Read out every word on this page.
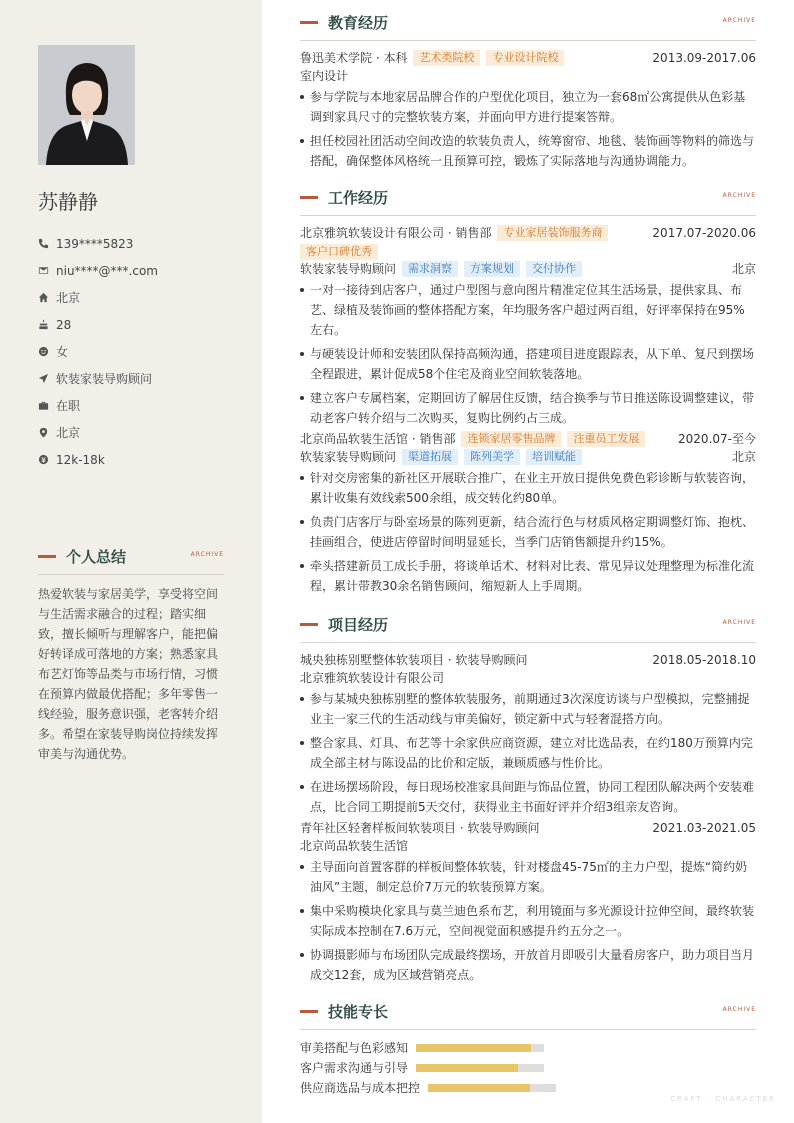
苏静静
139****5823
niu****@***.com
北京
28
女
软装家装导购顾问
在职
北京
12k-18k
个人总结	ARCHIVE
热爱软装与家居美学，享受将空间与生活需求融合的过程；踏实细致，擅长倾听与理解客户，能把偏好转译成可落地的方案；熟悉家具布艺灯饰等品类与市场行情，习惯在预算内做最优搭配；多年零售一线经验，服务意识强，老客转介绍多。希望在家装导购岗位持续发挥审美与沟通优势。
教育经历	ARCHIVE
鲁迅美术学院 · 本科	艺术类院校	专业设计院校	2013.09-2017.06
室内设计
参与学院与本地家居品牌合作的户型优化项目，独立为一套68㎡公寓提供从色彩基调到家具尺寸的完整软装方案，并面向甲方进行提案答辩。
担任校园社团活动空间改造的软装负责人，统筹窗帘、地毯、装饰画等物料的筛选与搭配，确保整体风格统一且预算可控，锻炼了实际落地与沟通协调能力。
工作经历	ARCHIVE
北京雅筑软装设计有限公司 · 销售部	专业家居装饰服务商
客户口碑优秀
2017.07-2020.06
软装家装导购顾问	需求洞察	方案规划	交付协作	北京
一对一接待到店客户，通过户型图与意向图片精准定位其生活场景，提供家具、布艺、绿植及装饰画的整体搭配方案，年均服务客户超过两百组，好评率保持在95%左右。
与硬装设计师和安装团队保持高频沟通，搭建项目进度跟踪表，从下单、复尺到摆场全程跟进，累计促成58个住宅及商业空间软装落地。
建立客户专属档案，定期回访了解居住反馈，结合换季与节日推送陈设调整建议，带动老客户转介绍与二次购买，复购比例约占三成。
北京尚品软装生活馆 · 销售部	连锁家居零售品牌	注重员工发展	2020.07-至今
软装家装导购顾问	渠道拓展	陈列美学	培训赋能	北京
针对交房密集的新社区开展联合推广，在业主开放日提供免费色彩诊断与软装咨询，累计收集有效线索500余组，成交转化约80单。
负责门店客厅与卧室场景的陈列更新，结合流行色与材质风格定期调整灯饰、抱枕、挂画组合，使进店停留时间明显延长，当季门店销售额提升约15%。
牵头搭建新员工成长手册，将谈单话术、材料对比表、常见异议处理整理为标准化流程，累计带教30余名销售顾问，缩短新人上手周期。
项目经历	ARCHIVE
城央独栋别墅整体软装项目 · 软装导购顾问	2018.05-2018.10
北京雅筑软装设计有限公司
参与某城央独栋别墅的整体软装服务，前期通过3次深度访谈与户型模拟，完整捕捉业主一家三代的生活动线与审美偏好，锁定新中式与轻奢混搭方向。
整合家具、灯具、布艺等十余家供应商资源，建立对比选品表，在约180万预算内完成全部主材与陈设品的比价和定版，兼顾质感与性价比。
在进场摆场阶段，每日现场校准家具间距与饰品位置，协同工程团队解决两个安装难点，比合同工期提前5天交付，获得业主书面好评并介绍3组亲友咨询。
青年社区轻奢样板间软装项目 · 软装导购顾问	2021.03-2021.05
北京尚品软装生活馆
主导面向首置客群的样板间整体软装，针对楼盘45-75㎡的主力户型，提炼“简约奶油风”主题，制定总价7万元的软装预算方案。
集中采购模块化家具与莫兰迪色系布艺，利用镜面与多光源设计拉伸空间，最终软装实际成本控制在7.6万元，空间视觉面积感提升约五分之一。
协调摄影师与布场团队完成最终摆场，开放首月即吸引大量看房客户，助力项目当月成交12套，成为区域营销亮点。
技能专长	ARCHIVE
审美搭配与色彩感知

客户需求沟通与引导

供应商选品与成本把控
CRAFT · CHARACTER
